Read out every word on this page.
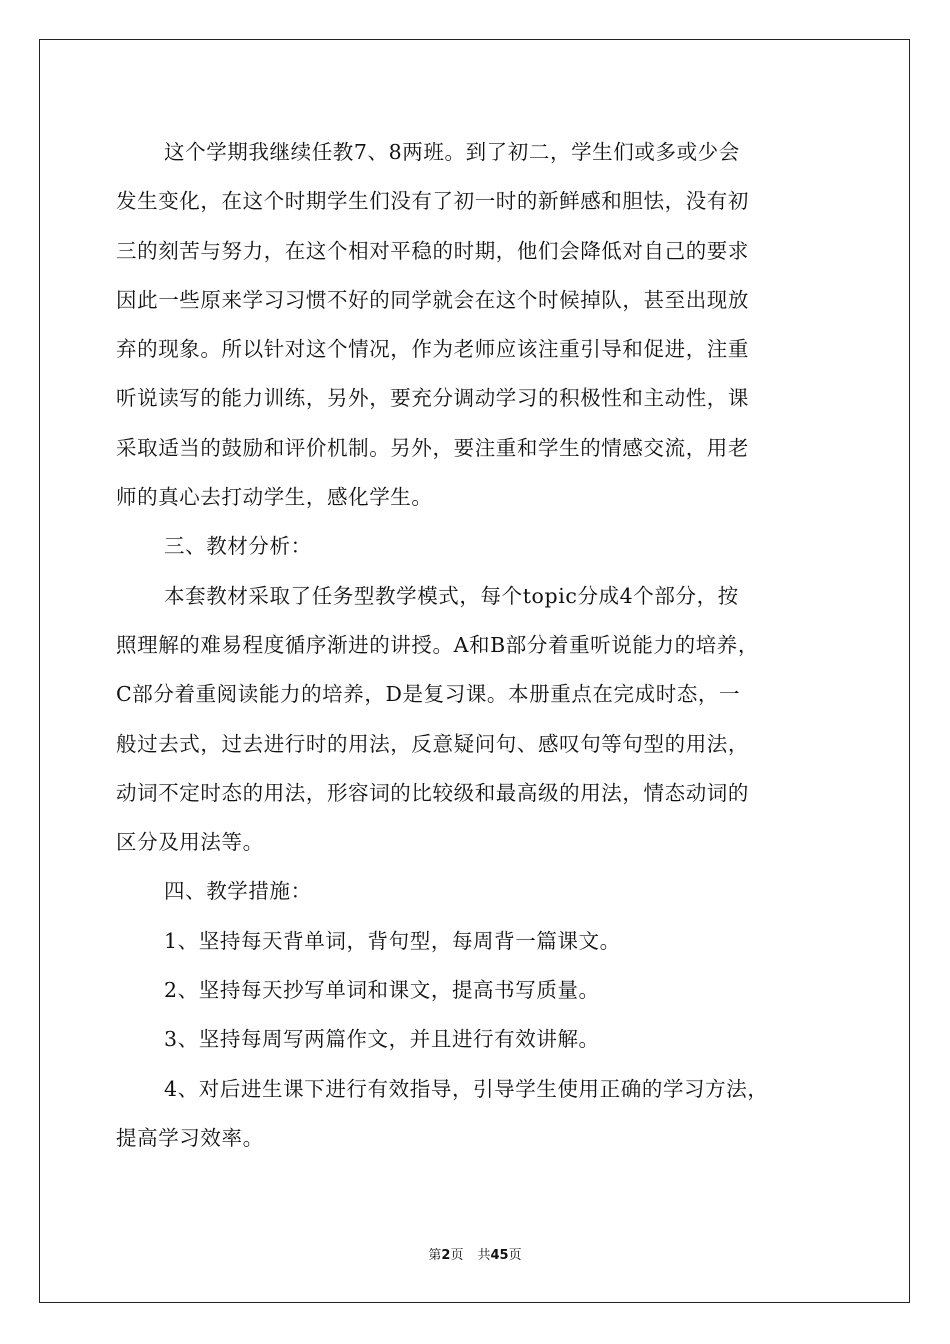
这个学期我继续任教7、8两班。到了初二，学生们或多或少会
发生变化，在这个时期学生们没有了初一时的新鲜感和胆怯，没有初
三的刻苦与努力，在这个相对平稳的时期，他们会降低对自己的要求
因此一些原来学习习惯不好的同学就会在这个时候掉队，甚至出现放
弃的现象。所以针对这个情况，作为老师应该注重引导和促进，注重
听说读写的能力训练，另外，要充分调动学习的积极性和主动性，课
采取适当的鼓励和评价机制。另外，要注重和学生的情感交流，用老
师的真心去打动学生，感化学生。
三、教材分析：
本套教材采取了任务型教学模式，每个topic分成4个部分，按
照理解的难易程度循序渐进的讲授。A和B部分着重听说能力的培养，
C部分着重阅读能力的培养，D是复习课。本册重点在完成时态，一
般过去式，过去进行时的用法，反意疑问句、感叹句等句型的用法，
动词不定时态的用法，形容词的比较级和最高级的用法，情态动词的
区分及用法等。
四、教学措施：
1、坚持每天背单词，背句型，每周背一篇课文。
2、坚持每天抄写单词和课文，提高书写质量。
3、坚持每周写两篇作文，并且进行有效讲解。
4、对后进生课下进行有效指导，引导学生使用正确的学习方法，
提高学习效率。
第2页 共45页
